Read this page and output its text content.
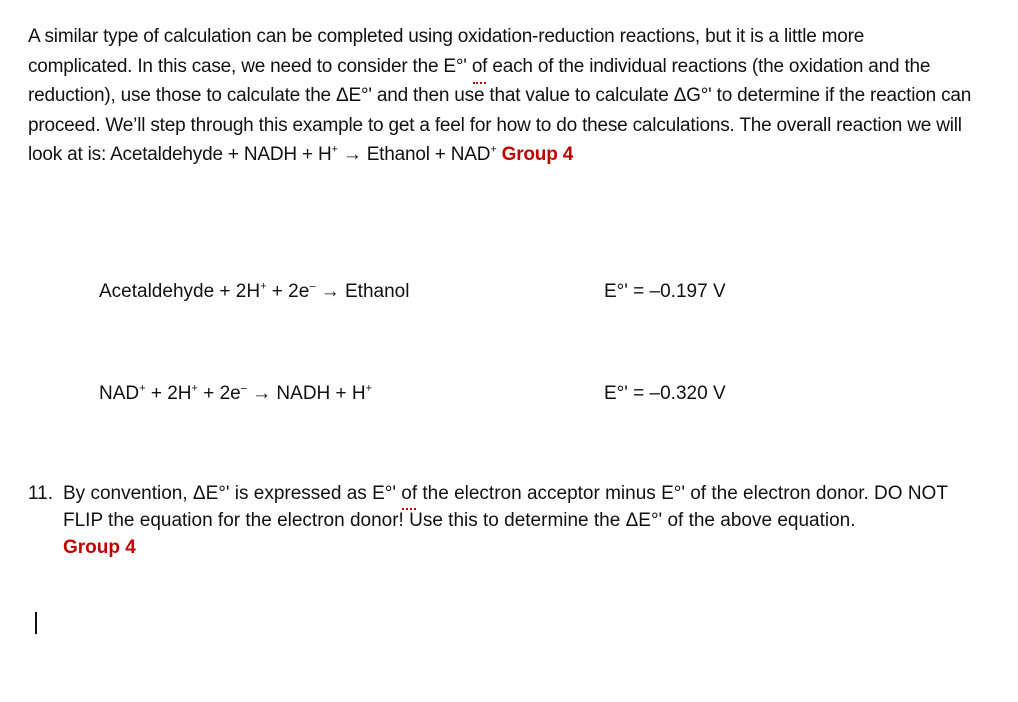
A similar type of calculation can be completed using oxidation-reduction reactions, but it is a little more complicated. In this case, we need to consider the E°' of each of the individual reactions (the oxidation and the reduction), use those to calculate the ΔE°' and then use that value to calculate ΔG°' to determine if the reaction can proceed. We’ll step through this example to get a feel for how to do these calculations. The overall reaction we will look at is: Acetaldehyde + NADH + H+ → Ethanol + NAD+ Group 4

Acetaldehyde + 2H+ + 2e– → Ethanol	E°' = –0.197 V
NAD+ + 2H+ + 2e– → NADH + H+	E°' = –0.320 V
11. By convention, ΔE°' is expressed as E°' of the electron acceptor minus E°' of the electron donor. DO NOT FLIP the equation for the electron donor! Use this to determine the ΔE°' of the above equation.
Group 4
